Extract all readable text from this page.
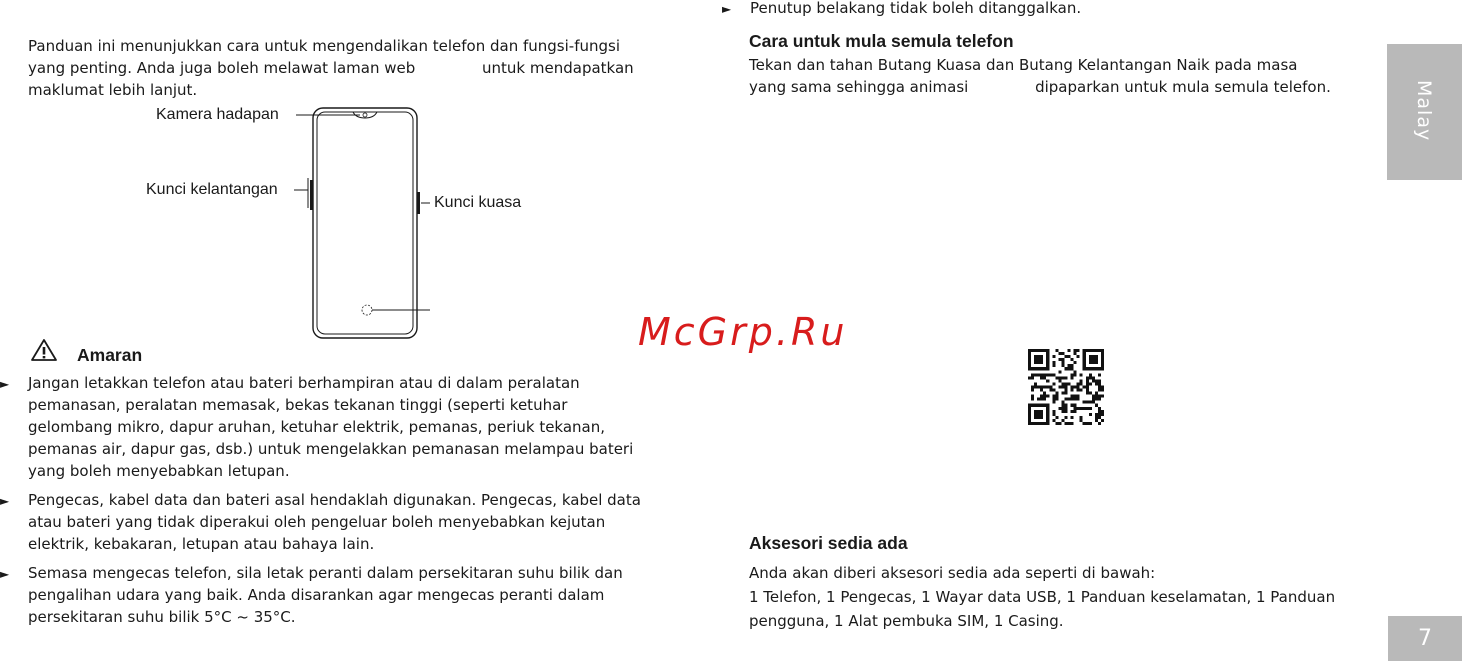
Panduan ini menunjukkan cara untuk mengendalikan telefon dan fungsi-fungsi
yang penting. Anda juga boleh melawat laman web              untuk mendapatkan
maklumat lebih lanjut.
Kamera hadapan
Kunci kelantangan
Kunci kuasa
Amaran
► Jangan letakkan telefon atau bateri berhampiran atau di dalam peralatan
pemanasan, peralatan memasak, bekas tekanan tinggi (seperti ketuhar
gelombang mikro, dapur aruhan, ketuhar elektrik, pemanas, periuk tekanan,
pemanas air, dapur gas, dsb.) untuk mengelakkan pemanasan melampau bateri
yang boleh menyebabkan letupan.
► Pengecas, kabel data dan bateri asal hendaklah digunakan. Pengecas, kabel data
atau bateri yang tidak diperakui oleh pengeluar boleh menyebabkan kejutan
elektrik, kebakaran, letupan atau bahaya lain.
► Semasa mengecas telefon, sila letak peranti dalam persekitaran suhu bilik dan
pengalihan udara yang baik. Anda disarankan agar mengecas peranti dalam
persekitaran suhu bilik 5°C ~ 35°C.
► Penutup belakang tidak boleh ditanggalkan.
Cara untuk mula semula telefon
Tekan dan tahan Butang Kuasa dan Butang Kelantangan Naik pada masa
yang sama sehingga animasi              dipaparkan untuk mula semula telefon.
Aksesori sedia ada
Anda akan diberi aksesori sedia ada seperti di bawah:
1 Telefon, 1 Pengecas, 1 Wayar data USB, 1 Panduan keselamatan, 1 Panduan
pengguna, 1 Alat pembuka SIM, 1 Casing.
Malay
7
McGrp.Ru
